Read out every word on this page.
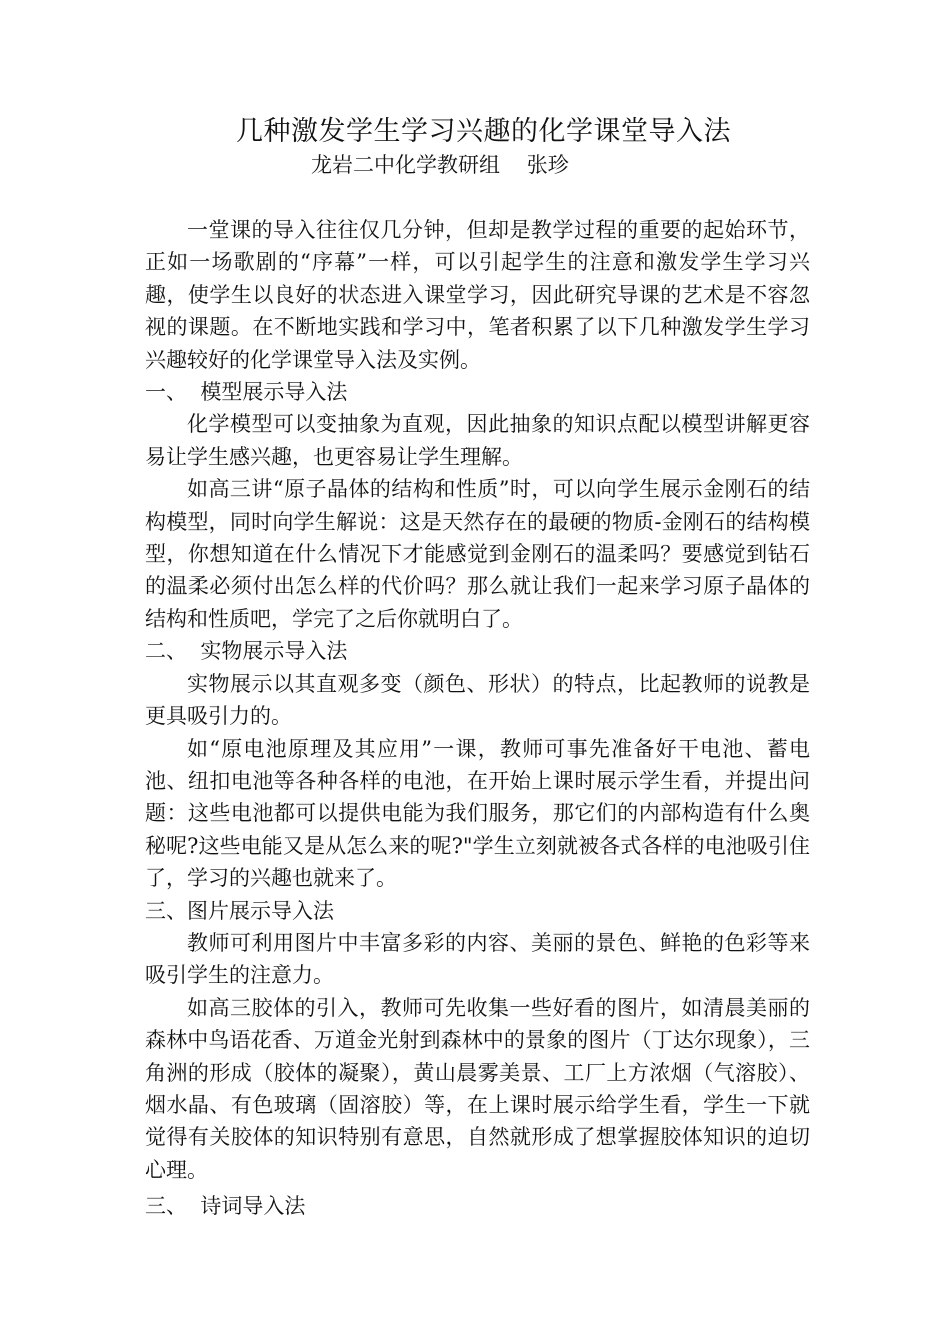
几种激发学生学习兴趣的化学课堂导入法
龙岩二中化学教研组    张珍

一堂课的导入往往仅几分钟，但却是教学过程的重要的起始环节，正如一场歌剧的“序幕”一样，可以引起学生的注意和激发学生学习兴趣，使学生以良好的状态进入课堂学习，因此研究导课的艺术是不容忽视的课题。在不断地实践和学习中，笔者积累了以下几种激发学生学习兴趣较好的化学课堂导入法及实例。

一、  模型展示导入法

化学模型可以变抽象为直观，因此抽象的知识点配以模型讲解更容易让学生感兴趣，也更容易让学生理解。

如高三讲“原子晶体的结构和性质”时，可以向学生展示金刚石的结构模型，同时向学生解说：这是天然存在的最硬的物质-金刚石的结构模型，你想知道在什么情况下才能感觉到金刚石的温柔吗？要感觉到钻石的温柔必须付出怎么样的代价吗？那么就让我们一起来学习原子晶体的结构和性质吧，学完了之后你就明白了。

二、  实物展示导入法

实物展示以其直观多变（颜色、形状）的特点，比起教师的说教是更具吸引力的。

如“原电池原理及其应用”一课，教师可事先准备好干电池、蓄电池、纽扣电池等各种各样的电池，在开始上课时展示学生看，并提出问题：这些电池都可以提供电能为我们服务，那它们的内部构造有什么奥秘呢?这些电能又是从怎么来的呢?"学生立刻就被各式各样的电池吸引住了，学习的兴趣也就来了。

三、图片展示导入法

教师可利用图片中丰富多彩的内容、美丽的景色、鲜艳的色彩等来吸引学生的注意力。

如高三胶体的引入，教师可先收集一些好看的图片，如清晨美丽的森林中鸟语花香、万道金光射到森林中的景象的图片（丁达尔现象），三角洲的形成（胶体的凝聚），黄山晨雾美景、工厂上方浓烟（气溶胶）、烟水晶、有色玻璃（固溶胶）等，在上课时展示给学生看，学生一下就觉得有关胶体的知识特别有意思，自然就形成了想掌握胶体知识的迫切心理。

三、  诗词导入法
